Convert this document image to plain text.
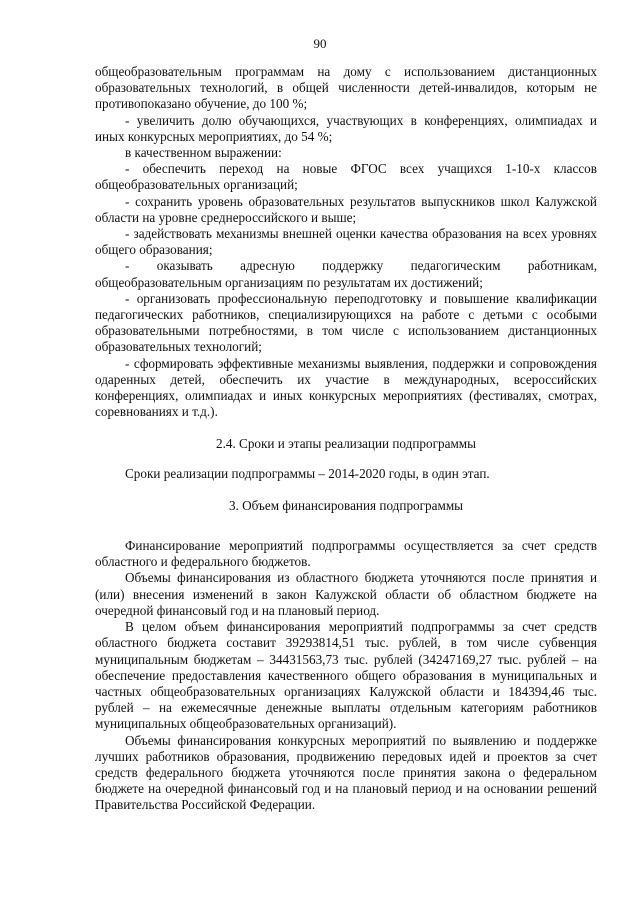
90

общеобразовательным программам на дому с использованием дистанционных образовательных технологий, в общей численности детей-инвалидов, которым не противопоказано обучение, до 100 %;

- увеличить долю обучающихся, участвующих в конференциях, олимпиадах и иных конкурсных мероприятиях, до 54 %;

в качественном выражении:

- обеспечить переход на новые ФГОС всех учащихся 1-10-х классов общеобразовательных организаций;

- сохранить уровень образовательных результатов выпускников школ Калужской области на уровне среднероссийского и выше;

- задействовать механизмы внешней оценки качества образования на всех уровнях общего образования;

- оказывать адресную поддержку педагогическим работникам, общеобразовательным организациям по результатам их достижений;

- организовать профессиональную переподготовку и повышение квалификации педагогических работников, специализирующихся на работе с детьми с особыми образовательными потребностями, в том числе с использованием дистанционных образовательных технологий;

- сформировать эффективные механизмы выявления, поддержки и сопровождения одаренных детей, обеспечить их участие в международных, всероссийских конференциях, олимпиадах и иных конкурсных мероприятиях (фестивалях, смотрах, соревнованиях и т.д.).

2.4. Сроки и этапы реализации подпрограммы

Сроки реализации подпрограммы – 2014-2020 годы, в один этап.

3. Объем финансирования подпрограммы

Финансирование мероприятий подпрограммы осуществляется за счет средств областного и федерального бюджетов.

Объемы финансирования из областного бюджета уточняются после принятия и (или) внесения изменений в закон Калужской области об областном бюджете на очередной финансовый год и на плановый период.

В целом объем финансирования мероприятий подпрограммы за счет средств областного бюджета составит 39293814,51 тыс. рублей, в том числе субвенция муниципальным бюджетам – 34431563,73 тыс. рублей (34247169,27 тыс. рублей – на обеспечение предоставления качественного общего образования в муниципальных и частных общеобразовательных организациях Калужской области и 184394,46 тыс. рублей – на ежемесячные денежные выплаты отдельным категориям работников муниципальных общеобразовательных организаций).

Объемы финансирования конкурсных мероприятий по выявлению и поддержке лучших работников образования, продвижению передовых идей и проектов за счет средств федерального бюджета уточняются после принятия закона о федеральном бюджете на очередной финансовый год и на плановый период и на основании решений Правительства Российской Федерации.
